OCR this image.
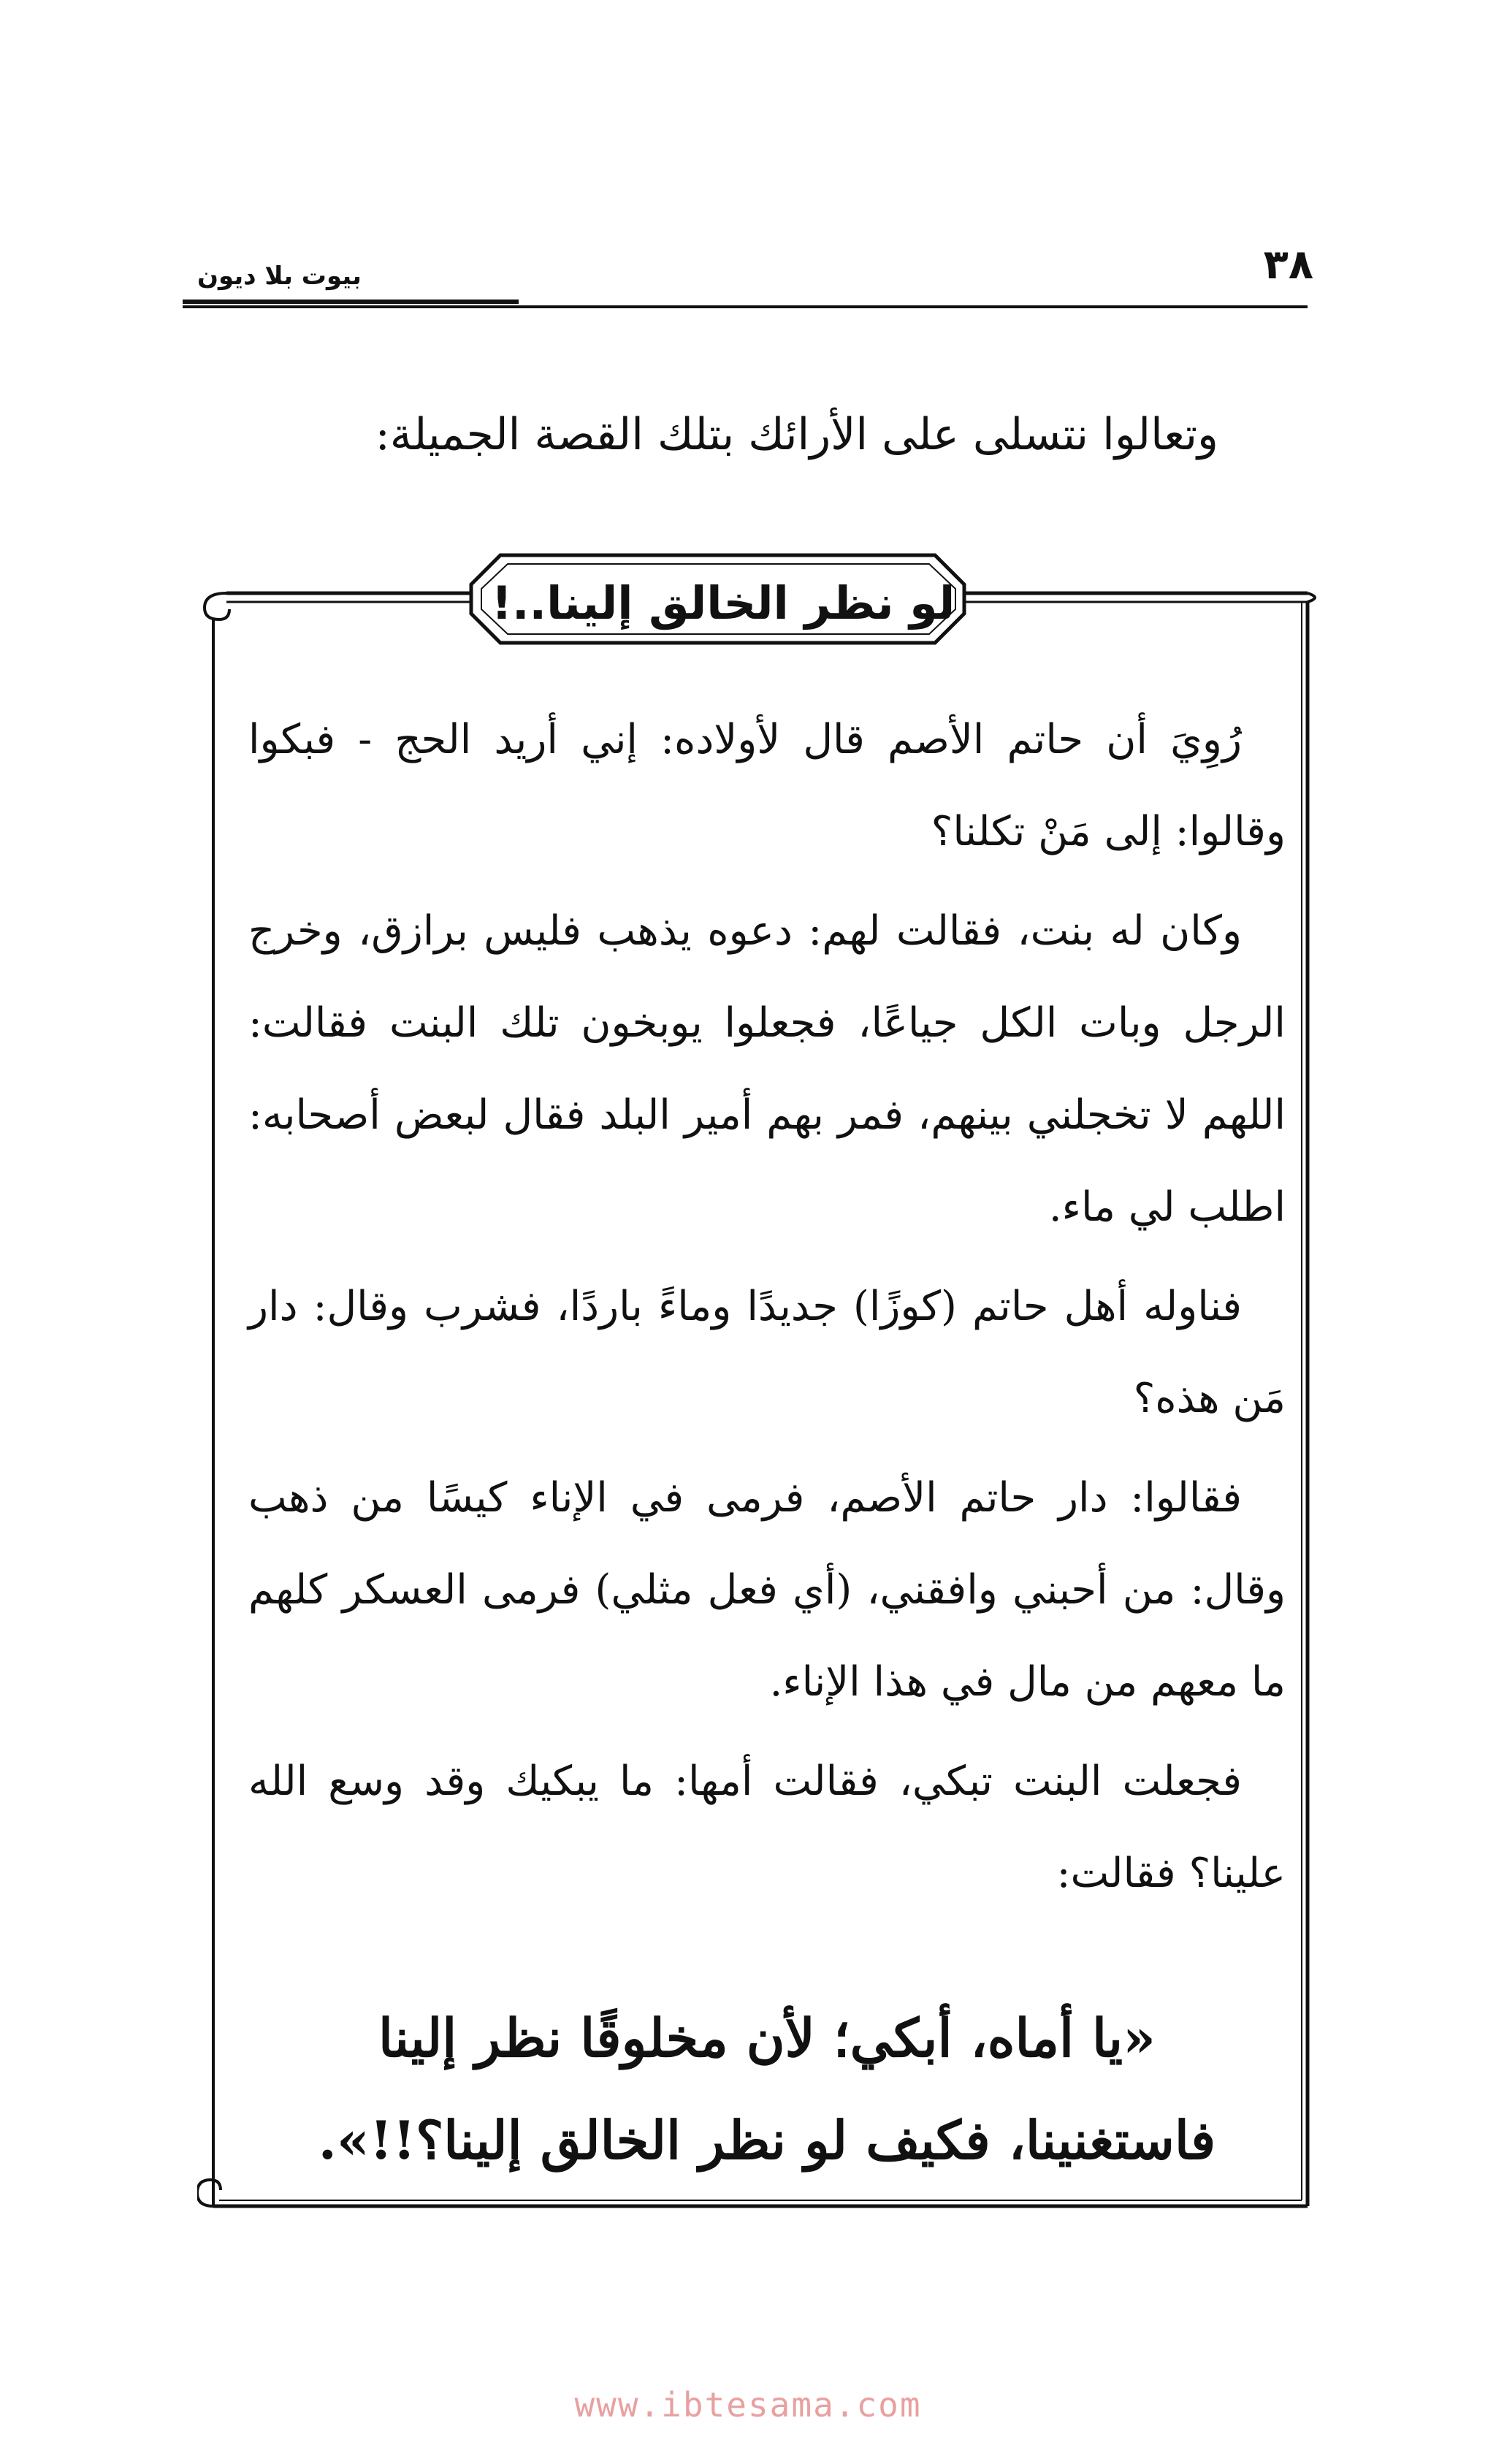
٣٨
بيوت بلا ديون
وتعالوا نتسلى على الأرائك بتلك القصة الجميلة:
لو نظر الخالق إلينا..!

رُوِيَ أن حاتم الأصم قال لأولاده: إني أريد الحج - فبكوا وقالوا: إلى مَنْ تكلنا؟

وكان له بنت، فقالت لهم: دعوه يذهب فليس برازق، وخرج الرجل وبات الكل جياعًا، فجعلوا يوبخون تلك البنت فقالت: اللهم لا تخجلني بينهم، فمر بهم أمير البلد فقال لبعض أصحابه: اطلب لي ماء.

فناوله أهل حاتم (كوزًا) جديدًا وماءً باردًا، فشرب وقال: دار مَن هذه؟

فقالوا: دار حاتم الأصم، فرمى في الإناء كيسًا من ذهب وقال: من أحبني وافقني، (أي فعل مثلي) فرمى العسكر كلهم ما معهم من مال في هذا الإناء.

فجعلت البنت تبكي، فقالت أمها: ما يبكيك وقد وسع الله علينا؟ فقالت:

«يا أماه، أبكي؛ لأن مخلوقًا نظر إلينا فاستغنينا، فكيف لو نظر الخالق إلينا؟!!».
www.ibtesama.com
